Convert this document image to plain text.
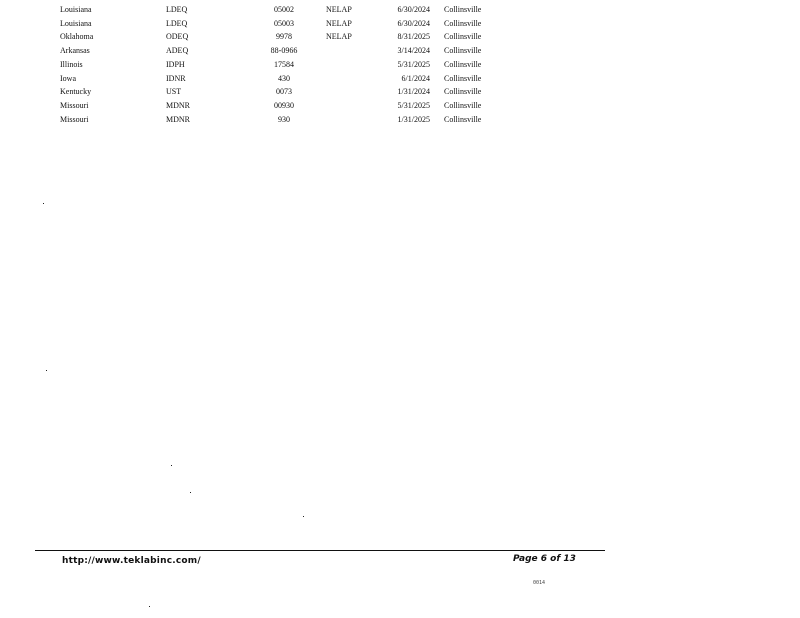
Louisiana	LDEQ	05002	NELAP	6/30/2024	Collinsville
Louisiana	LDEQ	05003	NELAP	6/30/2024	Collinsville
Oklahoma	ODEQ	9978	NELAP	8/31/2025	Collinsville
Arkansas	ADEQ	88-0966		3/14/2024	Collinsville
Illinois	IDPH	17584		5/31/2025	Collinsville
Iowa	IDNR	430		6/1/2024	Collinsville
Kentucky	UST	0073		1/31/2024	Collinsville
Missouri	MDNR	00930		5/31/2025	Collinsville
Missouri	MDNR	930		1/31/2025	Collinsville
http://www.teklabinc.com/	Page 6 of 13
0014
